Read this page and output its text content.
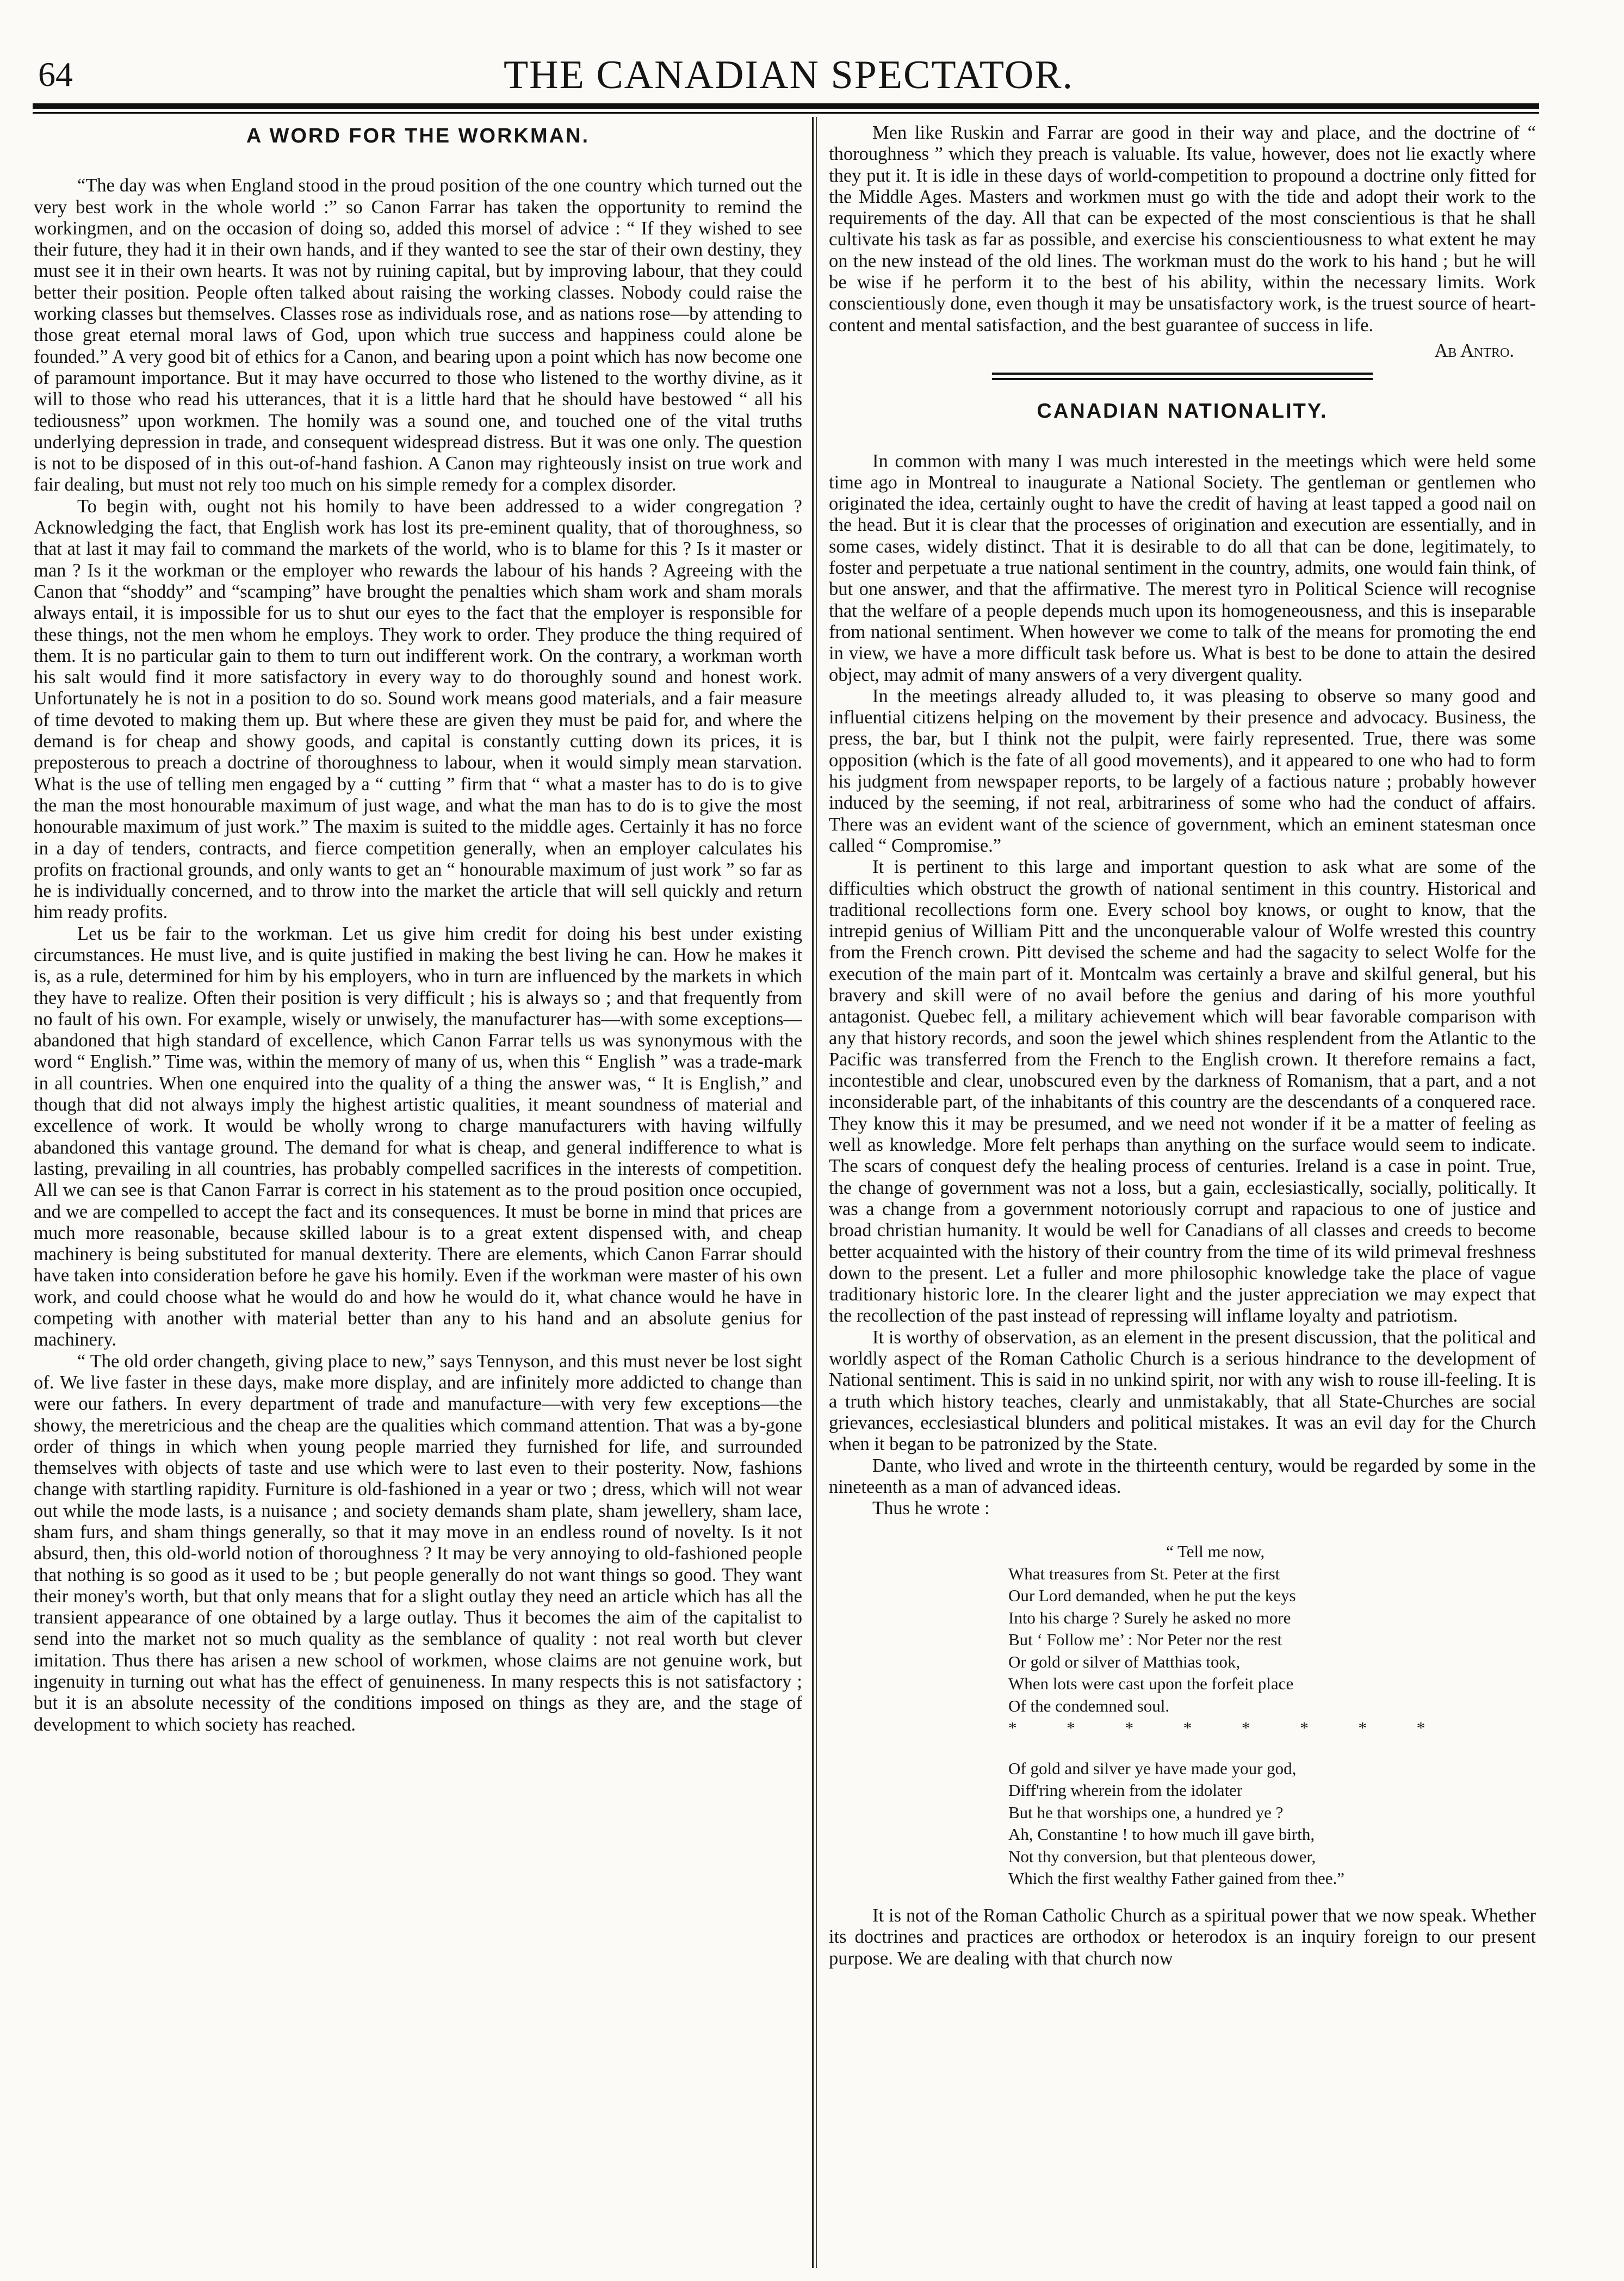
64	THE CANADIAN SPECTATOR.
A WORD FOR THE WORKMAN.

“The day was when England stood in the proud position of the one country which turned out the very best work in the whole world :” so Canon Farrar has taken the opportunity to remind the workingmen, and on the occasion of doing so, added this morsel of advice : “ If they wished to see their future, they had it in their own hands, and if they wanted to see the star of their own destiny, they must see it in their own hearts. It was not by ruining capital, but by improving labour, that they could better their position. People often talked about raising the working classes. Nobody could raise the working classes but themselves. Classes rose as individuals rose, and as nations rose—by attending to those great eternal moral laws of God, upon which true success and happiness could alone be founded.” A very good bit of ethics for a Canon, and bearing upon a point which has now become one of paramount importance. But it may have occurred to those who listened to the worthy divine, as it will to those who read his utterances, that it is a little hard that he should have bestowed “ all his tediousness” upon workmen. The homily was a sound one, and touched one of the vital truths underlying depression in trade, and consequent widespread distress. But it was one only. The question is not to be disposed of in this out-of-hand fashion. A Canon may righteously insist on true work and fair dealing, but must not rely too much on his simple remedy for a complex disorder.

To begin with, ought not his homily to have been addressed to a wider congregation ? Acknowledging the fact, that English work has lost its pre-eminent quality, that of thoroughness, so that at last it may fail to command the markets of the world, who is to blame for this ? Is it master or man ? Is it the workman or the employer who rewards the labour of his hands ? Agreeing with the Canon that “shoddy” and “scamping” have brought the penalties which sham work and sham morals always entail, it is impossible for us to shut our eyes to the fact that the employer is responsible for these things, not the men whom he employs. They work to order. They produce the thing required of them. It is no particular gain to them to turn out indifferent work. On the contrary, a workman worth his salt would find it more satisfactory in every way to do thoroughly sound and honest work. Unfortunately he is not in a position to do so. Sound work means good materials, and a fair measure of time devoted to making them up. But where these are given they must be paid for, and where the demand is for cheap and showy goods, and capital is constantly cutting down its prices, it is preposterous to preach a doctrine of thoroughness to labour, when it would simply mean starvation. What is the use of telling men engaged by a “ cutting ” firm that “ what a master has to do is to give the man the most honourable maximum of just wage, and what the man has to do is to give the most honourable maximum of just work.” The maxim is suited to the middle ages. Certainly it has no force in a day of tenders, contracts, and fierce competition generally, when an employer calculates his profits on fractional grounds, and only wants to get an “ honourable maximum of just work ” so far as he is individually concerned, and to throw into the market the article that will sell quickly and return him ready profits.

Let us be fair to the workman. Let us give him credit for doing his best under existing circumstances. He must live, and is quite justified in making the best living he can. How he makes it is, as a rule, determined for him by his employers, who in turn are influenced by the markets in which they have to realize. Often their position is very difficult ; his is always so ; and that frequently from no fault of his own. For example, wisely or unwisely, the manufacturer has—with some exceptions—abandoned that high standard of excellence, which Canon Farrar tells us was synonymous with the word “ English.” Time was, within the memory of many of us, when this “ English ” was a trade-mark in all countries. When one enquired into the quality of a thing the answer was, “ It is English,” and though that did not always imply the highest artistic qualities, it meant soundness of material and excellence of work. It would be wholly wrong to charge manufacturers with having wilfully abandoned this vantage ground. The demand for what is cheap, and general indifference to what is lasting, prevailing in all countries, has probably compelled sacrifices in the interests of competition. All we can see is that Canon Farrar is correct in his statement as to the proud position once occupied, and we are compelled to accept the fact and its consequences. It must be borne in mind that prices are much more reasonable, because skilled labour is to a great extent dispensed with, and cheap machinery is being substituted for manual dexterity. There are elements, which Canon Farrar should have taken into consideration before he gave his homily. Even if the workman were master of his own work, and could choose what he would do and how he would do it, what chance would he have in competing with another with material better than any to his hand and an absolute genius for machinery.

“ The old order changeth, giving place to new,” says Tennyson, and this must never be lost sight of. We live faster in these days, make more display, and are infinitely more addicted to change than were our fathers. In every department of trade and manufacture—with very few exceptions—the showy, the meretricious and the cheap are the qualities which command attention. That was a by-gone order of things in which when young people married they furnished for life, and surrounded themselves with objects of taste and use which were to last even to their posterity. Now, fashions change with startling rapidity. Furniture is old-fashioned in a year or two ; dress, which will not wear out while the mode lasts, is a nuisance ; and society demands sham plate, sham jewellery, sham lace, sham furs, and sham things generally, so that it may move in an endless round of novelty. Is it not absurd, then, this old-world notion of thoroughness ? It may be very annoying to old-fashioned people that nothing is so good as it used to be ; but people generally do not want things so good. They want their money's worth, but that only means that for a slight outlay they need an article which has all the transient appearance of one obtained by a large outlay. Thus it becomes the aim of the capitalist to send into the market not so much quality as the semblance of quality : not real worth but clever imitation. Thus there has arisen a new school of workmen, whose claims are not genuine work, but ingenuity in turning out what has the effect of genuineness. In many respects this is not satisfactory ; but it is an absolute necessity of the conditions imposed on things as they are, and the stage of development to which society has reached.

Men like Ruskin and Farrar are good in their way and place, and the doctrine of “ thoroughness ” which they preach is valuable. Its value, however, does not lie exactly where they put it. It is idle in these days of world-competition to propound a doctrine only fitted for the Middle Ages. Masters and workmen must go with the tide and adopt their work to the requirements of the day. All that can be expected of the most conscientious is that he shall cultivate his task as far as possible, and exercise his conscientiousness to what extent he may on the new instead of the old lines. The workman must do the work to his hand ; but he will be wise if he perform it to the best of his ability, within the necessary limits. Work conscientiously done, even though it may be unsatisfactory work, is the truest source of heart-content and mental satisfaction, and the best guarantee of success in life.

Ab Antro.
CANADIAN NATIONALITY.

In common with many I was much interested in the meetings which were held some time ago in Montreal to inaugurate a National Society. The gentleman or gentlemen who originated the idea, certainly ought to have the credit of having at least tapped a good nail on the head. But it is clear that the processes of origination and execution are essentially, and in some cases, widely distinct. That it is desirable to do all that can be done, legitimately, to foster and perpetuate a true national sentiment in the country, admits, one would fain think, of but one answer, and that the affirmative. The merest tyro in Political Science will recognise that the welfare of a people depends much upon its homogeneousness, and this is inseparable from national sentiment. When however we come to talk of the means for promoting the end in view, we have a more difficult task before us. What is best to be done to attain the desired object, may admit of many answers of a very divergent quality.

In the meetings already alluded to, it was pleasing to observe so many good and influential citizens helping on the movement by their presence and advocacy. Business, the press, the bar, but I think not the pulpit, were fairly represented. True, there was some opposition (which is the fate of all good movements), and it appeared to one who had to form his judgment from newspaper reports, to be largely of a factious nature ; probably however induced by the seeming, if not real, arbitrariness of some who had the conduct of affairs. There was an evident want of the science of government, which an eminent statesman once called “ Compromise.”

It is pertinent to this large and important question to ask what are some of the difficulties which obstruct the growth of national sentiment in this country. Historical and traditional recollections form one. Every school boy knows, or ought to know, that the intrepid genius of William Pitt and the unconquerable valour of Wolfe wrested this country from the French crown. Pitt devised the scheme and had the sagacity to select Wolfe for the execution of the main part of it. Montcalm was certainly a brave and skilful general, but his bravery and skill were of no avail before the genius and daring of his more youthful antagonist. Quebec fell, a military achievement which will bear favorable comparison with any that history records, and soon the jewel which shines resplendent from the Atlantic to the Pacific was transferred from the French to the English crown. It therefore remains a fact, incontestible and clear, unobscured even by the darkness of Romanism, that a part, and a not inconsiderable part, of the inhabitants of this country are the descendants of a conquered race. They know this it may be presumed, and we need not wonder if it be a matter of feeling as well as knowledge. More felt perhaps than anything on the surface would seem to indicate. The scars of conquest defy the healing process of centuries. Ireland is a case in point. True, the change of government was not a loss, but a gain, ecclesiastically, socially, politically. It was a change from a government notoriously corrupt and rapacious to one of justice and broad christian humanity. It would be well for Canadians of all classes and creeds to become better acquainted with the history of their country from the time of its wild primeval freshness down to the present. Let a fuller and more philosophic knowledge take the place of vague traditionary historic lore. In the clearer light and the juster appreciation we may expect that the recollection of the past instead of repressing will inflame loyalty and patriotism.

It is worthy of observation, as an element in the present discussion, that the political and worldly aspect of the Roman Catholic Church is a serious hindrance to the development of National sentiment. This is said in no unkind spirit, nor with any wish to rouse ill-feeling. It is a truth which history teaches, clearly and unmistakably, that all State-Churches are social grievances, ecclesiastical blunders and political mistakes. It was an evil day for the Church when it began to be patronized by the State.

Dante, who lived and wrote in the thirteenth century, would be regarded by some in the nineteenth as a man of advanced ideas.

Thus he wrote :

“ Tell me now,
What treasures from St. Peter at the first
Our Lord demanded, when he put the keys
Into his charge ? Surely he asked no more
But ‘ Follow me’ : Nor Peter nor the rest
Or gold or silver of Matthias took,
When lots were cast upon the forfeit place
Of the condemned soul.
* * * * * * * *
Of gold and silver ye have made your god,
Diff'ring wherein from the idolater
But he that worships one, a hundred ye ?
Ah, Constantine ! to how much ill gave birth,
Not thy conversion, but that plenteous dower,
Which the first wealthy Father gained from thee.”

It is not of the Roman Catholic Church as a spiritual power that we now speak. Whether its doctrines and practices are orthodox or heterodox is an inquiry foreign to our present purpose. We are dealing with that church now
